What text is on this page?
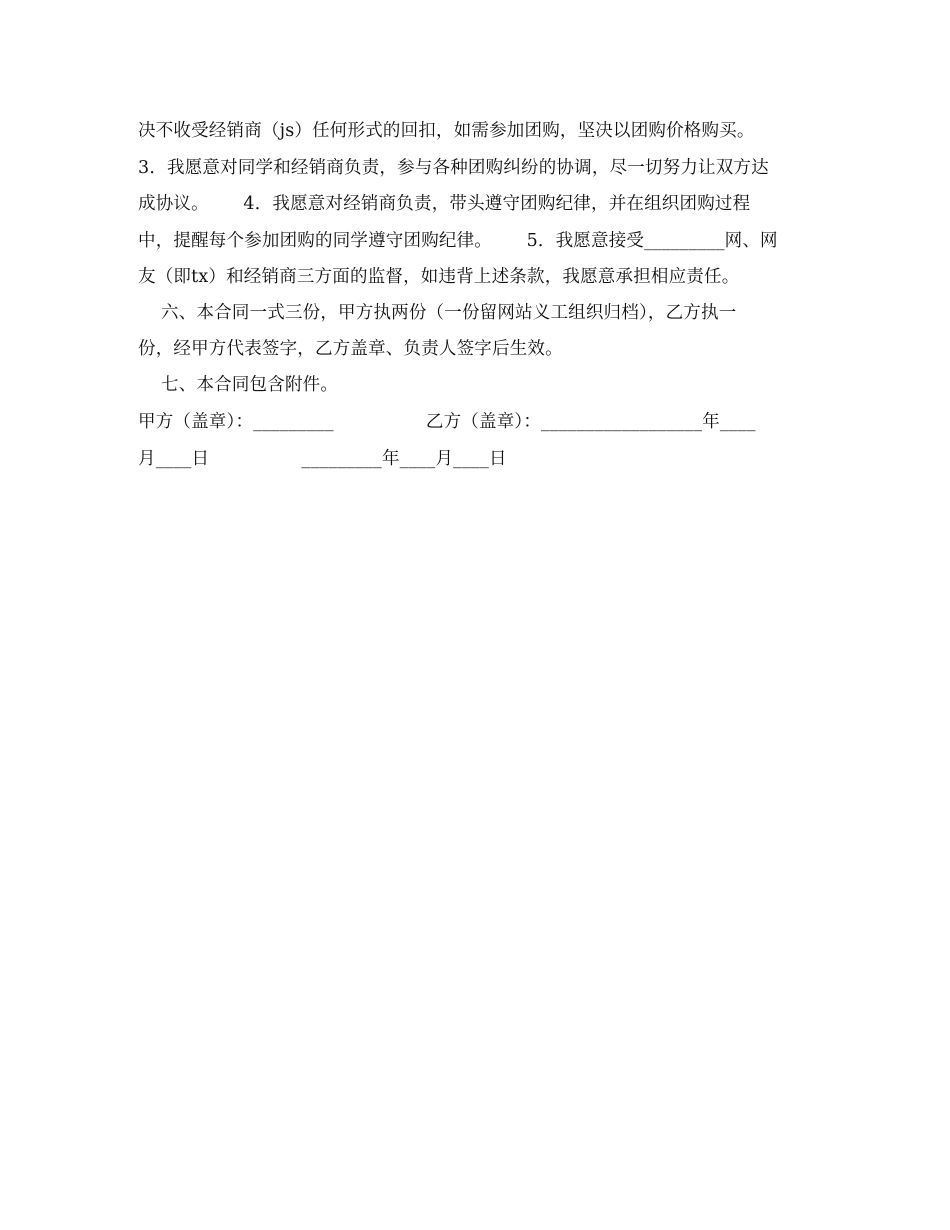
决不收受经销商（js）任何形式的回扣，如需参加团购，坚决以团购价格购买。
3．我愿意对同学和经销商负责，参与各种团购纠纷的协调，尽一切努力让双方达
成协议。      4．我愿意对经销商负责，带头遵守团购纪律，并在组织团购过程
中，提醒每个参加团购的同学遵守团购纪律。      5．我愿意接受_________网、网
友（即tx）和经销商三方面的监督，如违背上述条款，我愿意承担相应责任。
六、本合同一式三份，甲方执两份（一份留网站义工组织归档），乙方执一
份，经甲方代表签字，乙方盖章、负责人签字后生效。
七、本合同包含附件。
甲方（盖章）：_________                乙方（盖章）：__________________年____
月____日                _________年____月____日
